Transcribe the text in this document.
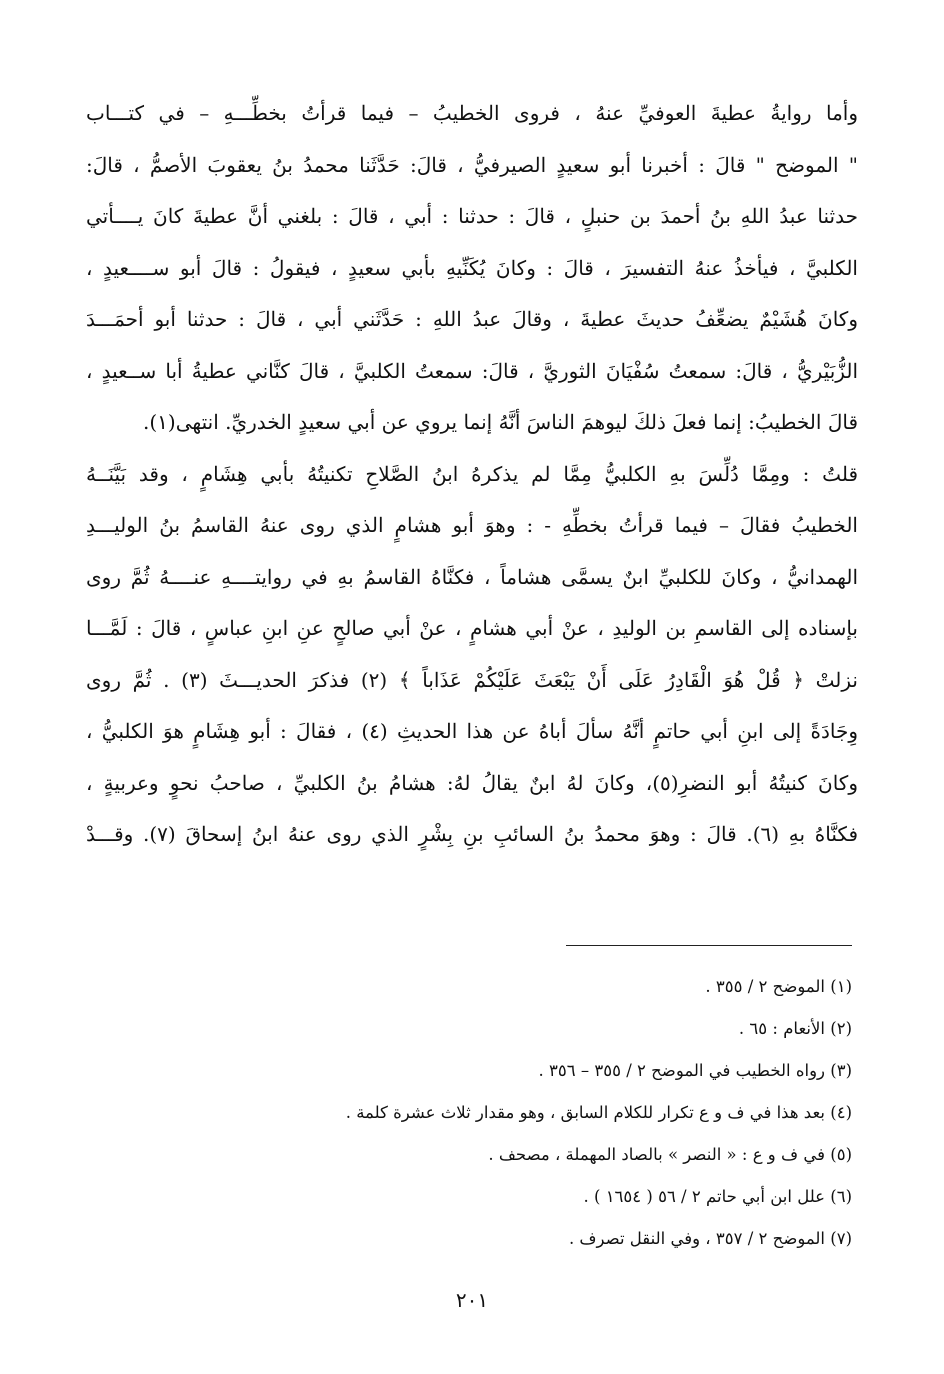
وأما روايةُ عطيةَ العوفيِّ عنهُ ، فروى الخطيبُ – فيما قرأتُ بخطِّـــهِ – في كتـــاب
" الموضح " قالَ : أخبرنا أبو سعيدٍ الصيرفيُّ ، قالَ: حَدَّثَنا محمدُ بنُ يعقوبَ الأصمُّ ، قالَ:
حدثنا عبدُ اللهِ بنُ أحمدَ بن حنبلٍ ، قالَ : حدثنا : أبي ، قالَ : بلغني أنَّ عطيةَ كانَ يــــأتي
الكلبيَّ ، فيأخذُ عنهُ التفسيرَ ، قالَ : وكانَ يُكَنِّيهِ بأبي سعيدٍ ، فيقولُ : قالَ أبو ســــعيدٍ ،
وكانَ هُشَيْمٌ يضعِّفُ حديثَ عطيةَ ، وقالَ عبدُ اللهِ : حَدَّثَني أبي ، قالَ : حدثنا أبو أحمَـــدَ
الزُّبَيْريُّ ، قالَ: سمعتُ سُفْيَانَ الثوريَّ ، قالَ: سمعتُ الكلبيَّ ، قالَ كنَّاني عطيةُ أبا ســعيدٍ ،
قالَ الخطيبُ: إنما فعلَ ذلكَ ليوهمَ الناسَ أنَّهُ إنما يروي عن أبي سعيدٍ الخدريِّ. انتهى(١).
قلتُ : ومِمَّا دُلِّسَ بهِ الكلبيُّ مِمَّا لم يذكرهُ ابنُ الصَّلاحِ تكنيتُهُ بأبي هِشَامٍ ، وقد بَيَّنَــهُ
الخطيبُ فقالَ – فيما قرأتُ بخطِّهِ - : وهوَ أبو هشامٍ الذي روى عنهُ القاسمُ بنُ الوليـــدِ
الهمدانيُّ ، وكانَ للكلبيِّ ابنٌ يسمَّى هشاماً ، فكنَّاهُ القاسمُ بهِ في روايتــــهِ عنــــهُ ثُمَّ روى
بإسناده إلى القاسمِ بن الوليدِ ، عنْ أبي هشامٍ ، عنْ أبي صالحٍ عنِ ابنِ عباسٍ ، قالَ : لَمَّـــا
نزلتْ ﴿ قُلْ هُوَ الْقَادِرُ عَلَى أَنْ يَبْعَثَ عَلَيْكُمْ عَذَاباً ﴾ (٢) فذكرَ الحديـــثَ (٣) . ثُمَّ روى
وِجَادَةً إلى ابنِ أبي حاتمٍ أنَّهُ سألَ أباهُ عن هذا الحديثِ (٤) ، فقالَ : أبو هِشَامٍ هوَ الكلبيُّ ،
وكانَ كنيتُهُ أبو النضرِ(٥)، وكانَ لهُ ابنٌ يقالُ لهُ: هشامُ بنُ الكلبيِّ ، صاحبُ نحوٍ وعربيةٍ ،
فكنَّاهُ بهِ (٦). قالَ : وهوَ محمدُ بنُ السائبِ بنِ بِشْرٍ الذي روى عنهُ ابنُ إسحاقَ (٧). وقـــدْ
(١) الموضح ٢ / ٣٥٥ .
(٢) الأنعام : ٦٥ .
(٣) رواه الخطيب في الموضح ٢ / ٣٥٥ – ٣٥٦ .
(٤) بعد هذا في ف و ع تكرار للكلام السابق ، وهو مقدار ثلاث عشرة كلمة .
(٥) في ف و ع : « النصر » بالصاد المهملة ، مصحف .
(٦) علل ابن أبي حاتم ٢ / ٥٦ ( ١٦٥٤ ) .
(٧) الموضح ٢ / ٣٥٧ ، وفي النقل تصرف .
٢٠١
